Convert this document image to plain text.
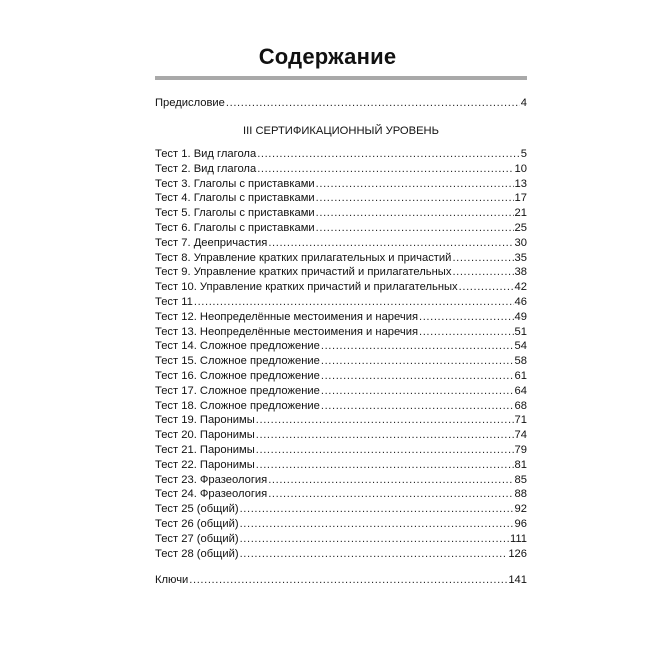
Содержание
Предисловие .....	4
III СЕРТИФИКАЦИОННЫЙ УРОВЕНЬ
Тест 1. Вид глагола .....	5
Тест 2. Вид глагола .....	10
Тест 3. Глаголы с приставками .....	13
Тест 4. Глаголы с приставками .....	17
Тест 5. Глаголы с приставками .....	21
Тест 6. Глаголы с приставками .....	25
Тест 7. Деепричастия .....	30
Тест 8. Управление кратких прилагательных и причастий .....	35
Тест 9. Управление кратких причастий и прилагательных .....	38
Тест 10. Управление кратких причастий и прилагательных .....	42
Тест 11 .....	46
Тест 12. Неопределённые местоимения и наречия .....	49
Тест 13. Неопределённые местоимения и наречия .....	51
Тест 14. Сложное предложение .....	54
Тест 15. Сложное предложение .....	58
Тест 16. Сложное предложение .....	61
Тест 17. Сложное предложение .....	64
Тест 18. Сложное предложение .....	68
Тест 19. Паронимы .....	71
Тест 20. Паронимы .....	74
Тест 21. Паронимы .....	79
Тест 22. Паронимы .....	81
Тест 23. Фразеология .....	85
Тест 24. Фразеология .....	88
Тест 25 (общий) .....	92
Тест 26 (общий) .....	96
Тест 27 (общий) .....	111
Тест 28 (общий) .....	126
Ключи .....	141
